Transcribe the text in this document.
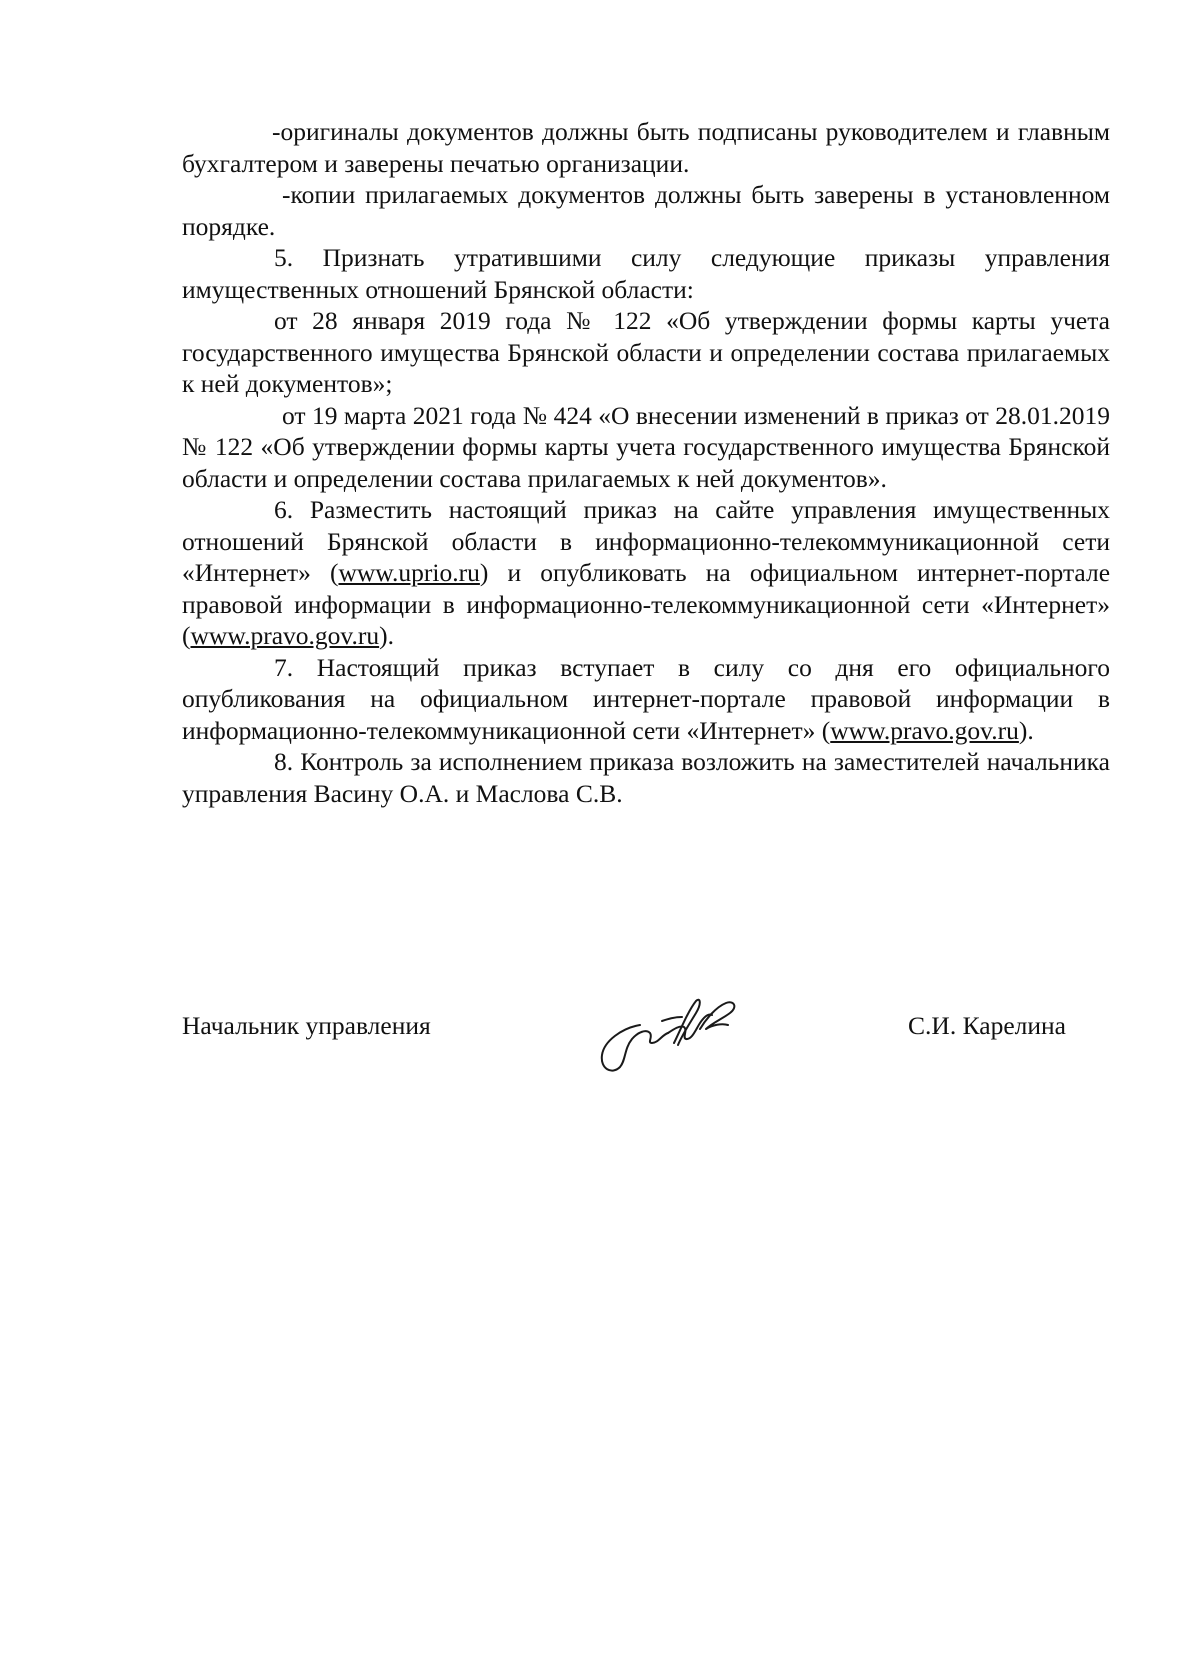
-оригиналы документов должны быть подписаны руководителем и главным бухгалтером и заверены печатью организации.

-копии прилагаемых документов должны быть заверены в установленном порядке.

5. Признать утратившими силу следующие приказы управления имущественных отношений Брянской области:

от 28 января 2019 года № 122 «Об утверждении формы карты учета государственного имущества Брянской области и определении состава прилагаемых к ней документов»;

от 19 марта 2021 года № 424 «О внесении изменений в приказ от 28.01.2019 № 122 «Об утверждении формы карты учета государственного имущества Брянской области и определении состава прилагаемых к ней документов».

6. Разместить настоящий приказ на сайте управления имущественных отношений Брянской области в информационно-телекоммуникационной сети «Интернет» (www.uprio.ru) и опубликовать на официальном интернет-портале правовой информации в информационно-телекоммуникационной сети «Интернет» (www.pravo.gov.ru).

7. Настоящий приказ вступает в силу со дня его официального опубликования на официальном интернет-портале правовой информации в информационно-телекоммуникационной сети «Интернет» (www.pravo.gov.ru).

8. Контроль за исполнением приказа возложить на заместителей начальника управления Васину О.А. и Маслова С.В.

Начальник управления	С.И. Карелина
